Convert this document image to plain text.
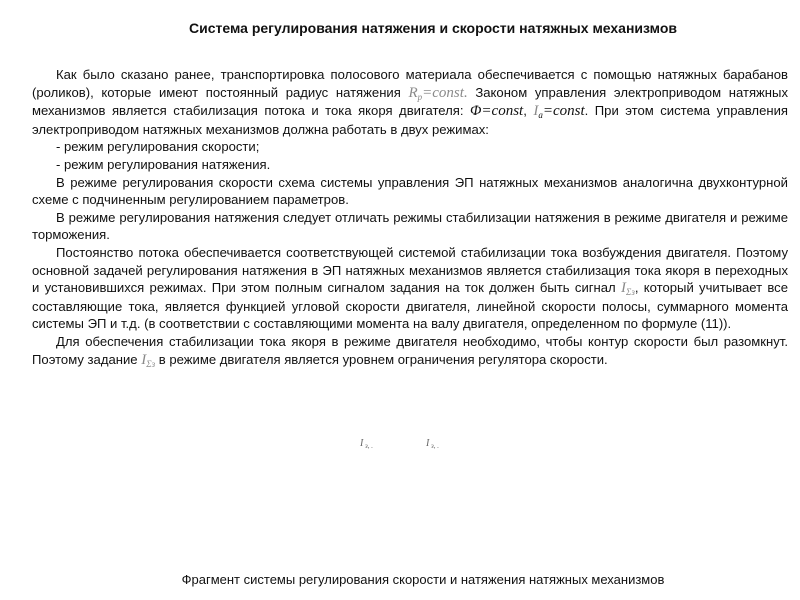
Система регулирования натяжения и скорости натяжных механизмов

Как было сказано ранее, транспортировка полосового материала обеспечивается с помощью натяжных барабанов (роликов), которые имеют постоянный радиус натяжения $R_p=const$. Законом управления электроприводом натяжных механизмов является стабилизация потока и тока якоря двигателя: Φ=const, $I_a=const$. При этом система управления электроприводом натяжных механизмов должна работать в двух режимах:

- режим регулирования скорости;

- режим регулирования натяжения.

В режиме регулирования скорости схема системы управления ЭП натяжных механизмов аналогична двухконтурной схеме с подчиненным регулированием параметров.

В режиме регулирования натяжения следует отличать режимы стабилизации натяжения в режиме двигателя и режиме торможения.

Постоянство потока обеспечивается соответствующей системой стабилизации тока возбуждения двигателя. Поэтому основной задачей регулирования натяжения в ЭП натяжных механизмов является стабилизация тока якоря в переходных и установившихся режимах. При этом полным сигналом задания на ток должен быть сигнал $I_{\Sigma з}$, который учитывает все составляющие тока, является функцией угловой скорости двигателя, линейной скорости полосы, суммарного момента системы ЭП и т.д. (в соответствии с составляющими момента на валу двигателя, определенном по формуле (11)).

Для обеспечения стабилизации тока якоря в режиме двигателя необходимо, чтобы контур скорости был разомкнут. Поэтому задание $I_{\Sigma з}$ в режиме двигателя является уровнем ограничения регулятора скорости.

I з, .	I з, .
Фрагмент системы регулирования скорости и натяжения натяжных механизмов
